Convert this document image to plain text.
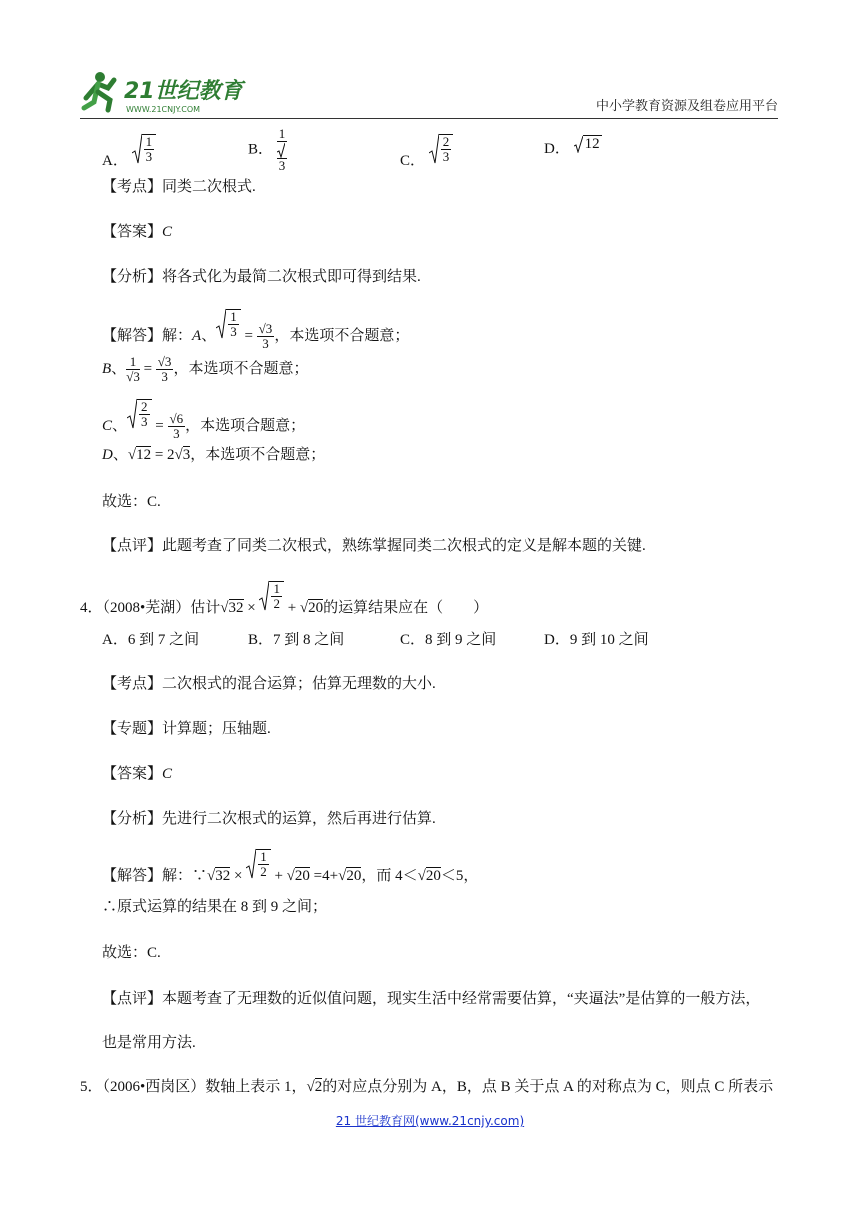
21世纪教育
WWW.21CNJY.COM	中小学教育资源及组卷应用平台
A． $\frac{1}{3}$	B． $\frac{1}{3}$	C． $\frac{2}{3}$	D． 12
【考点】同类二次根式.
【答案】C
【分析】将各式化为最简二次根式即可得到结果.
【解答】解：A、 $\frac{1}{3} = \frac{√3}{3}$ ，本选项不合题意；
B、 $\frac{1}{√3} = \frac{√3}{3}$ ，本选项不合题意；
C、 $\frac{2}{3} = \frac{√6}{3}$ ，本选项合题意；
D、√12 = 2√3，本选项不合题意；
故选：C.
【点评】此题考查了同类二次根式，熟练掌握同类二次根式的定义是解本题的关键.
4．（2008•芜湖）估计$√32 \times \frac{1}{2} + √20$的运算结果应在（　　）
A．6 到 7 之间	B．7 到 8 之间	C．8 到 9 之间	D．9 到 10 之间
【考点】二次根式的混合运算；估算无理数的大小.
【专题】计算题；压轴题.
【答案】C
【分析】先进行二次根式的运算，然后再进行估算.
【解答】解：∵√32 × $\frac{1}{2} + √20 =4+√20$，而 4＜√20＜5，
∴原式运算的结果在 8 到 9 之间；
故选：C.
【点评】本题考查了无理数的近似值问题，现实生活中经常需要估算，“夹逼法”是估算的一般方法，
也是常用方法.
5．（2006•西岗区）数轴上表示 1，√2的对应点分别为 A，B，点 B 关于点 A 的对称点为 C，则点 C 所表示
21 世纪教育网(www.21cnjy.com)
